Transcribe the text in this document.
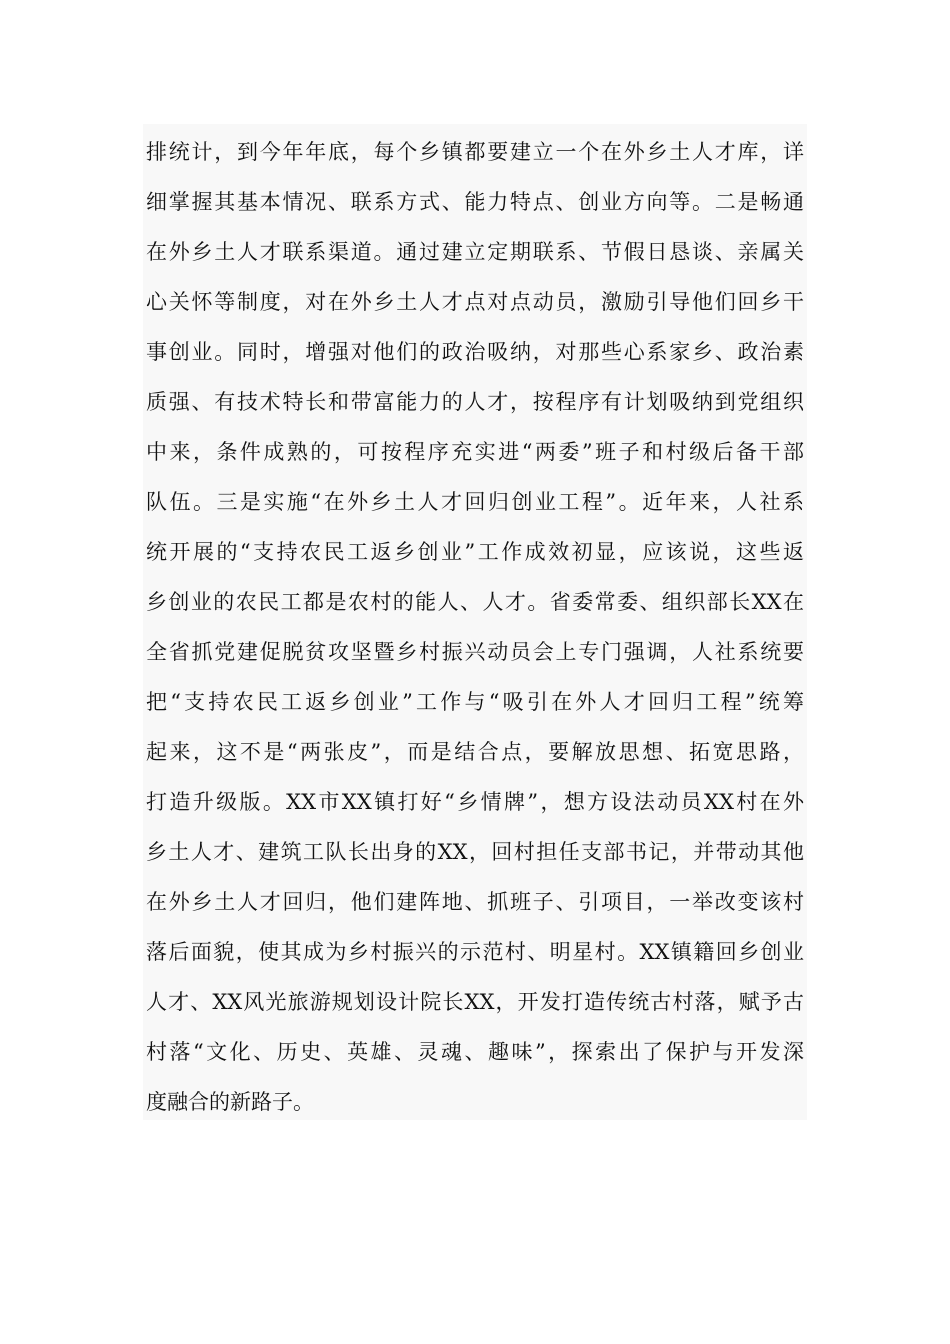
排统计，到今年年底，每个乡镇都要建立一个在外乡土人才库，详
细掌握其基本情况、联系方式、能力特点、创业方向等。二是畅通
在外乡土人才联系渠道。通过建立定期联系、节假日恳谈、亲属关
心关怀等制度，对在外乡土人才点对点动员，激励引导他们回乡干
事创业。同时，增强对他们的政治吸纳，对那些心系家乡、政治素
质强、有技术特长和带富能力的人才，按程序有计划吸纳到党组织
中来，条件成熟的，可按程序充实进“两委”班子和村级后备干部
队伍。三是实施“在外乡土人才回归创业工程”。近年来，人社系
统开展的“支持农民工返乡创业”工作成效初显，应该说，这些返
乡创业的农民工都是农村的能人、人才。省委常委、组织部长XX在
全省抓党建促脱贫攻坚暨乡村振兴动员会上专门强调，人社系统要
把“支持农民工返乡创业”工作与“吸引在外人才回归工程”统筹
起来，这不是“两张皮”，而是结合点，要解放思想、拓宽思路，
打造升级版。XX市XX镇打好“乡情牌”，想方设法动员XX村在外
乡土人才、建筑工队长出身的XX，回村担任支部书记，并带动其他
在外乡土人才回归，他们建阵地、抓班子、引项目，一举改变该村
落后面貌，使其成为乡村振兴的示范村、明星村。XX镇籍回乡创业
人才、XX风光旅游规划设计院长XX，开发打造传统古村落，赋予古
村落“文化、历史、英雄、灵魂、趣味”，探索出了保护与开发深
度融合的新路子。
